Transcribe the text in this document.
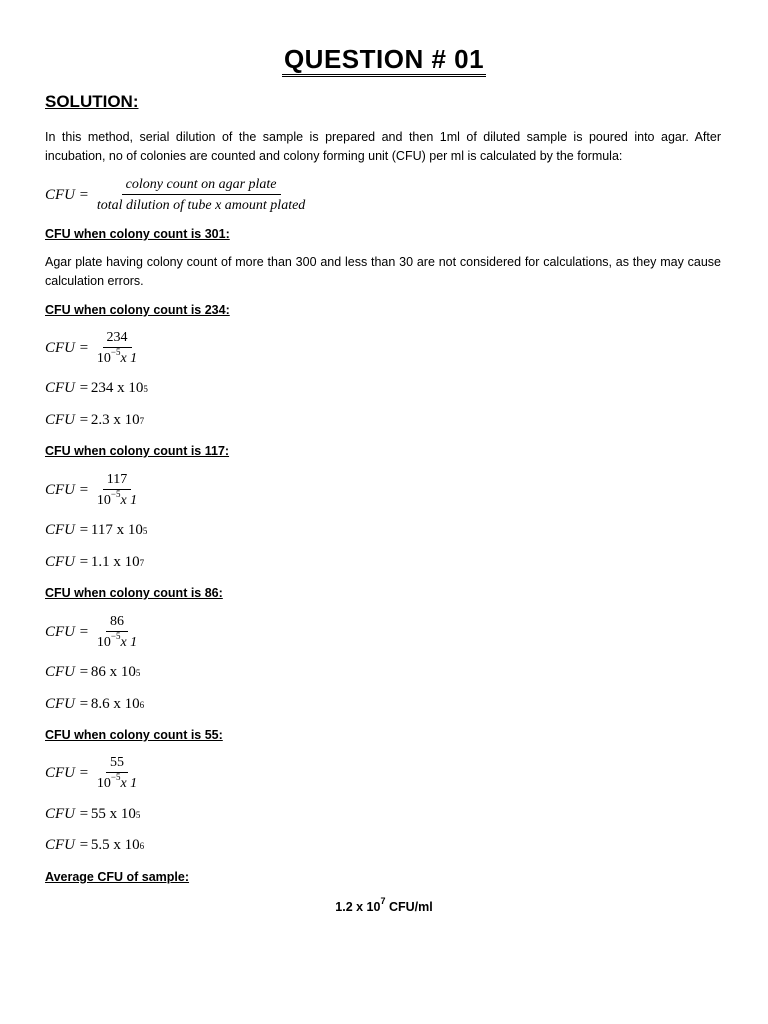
QUESTION # 01
SOLUTION:
In this method, serial dilution of the sample is prepared and then 1ml of diluted sample is poured into agar. After incubation, no of colonies are counted and colony forming unit (CFU) per ml is calculated by the formula:
CFU = $\frac{\text{colony count on agar plate}}{\text{total dilution of tube x amount plated}}$
CFU when colony count is 301:
Agar plate having colony count of more than 300 and less than 30 are not considered for calculations, as they may cause calculation errors.
CFU when colony count is 234:
CFU = $\frac{234}{10^{-5}x 1}$
CFU = 234 x 10 5
CFU = 2.3 x 10 7
CFU when colony count is 117:
CFU = $\frac{117}{10^{-5}x 1}$
CFU = 117 x 10 5
CFU = 1.1 x 10 7
CFU when colony count is 86:
CFU = $\frac{86}{10^{-5}x 1}$
CFU = 86 x 10 5
CFU = 8.6 x 10 6
CFU when colony count is 55:
CFU = $\frac{55}{10^{-5}x 1}$
CFU = 55 x 10 5
CFU = 5.5 x 10 6
Average CFU of sample:
1.2 x $10^7$ CFU/ml
